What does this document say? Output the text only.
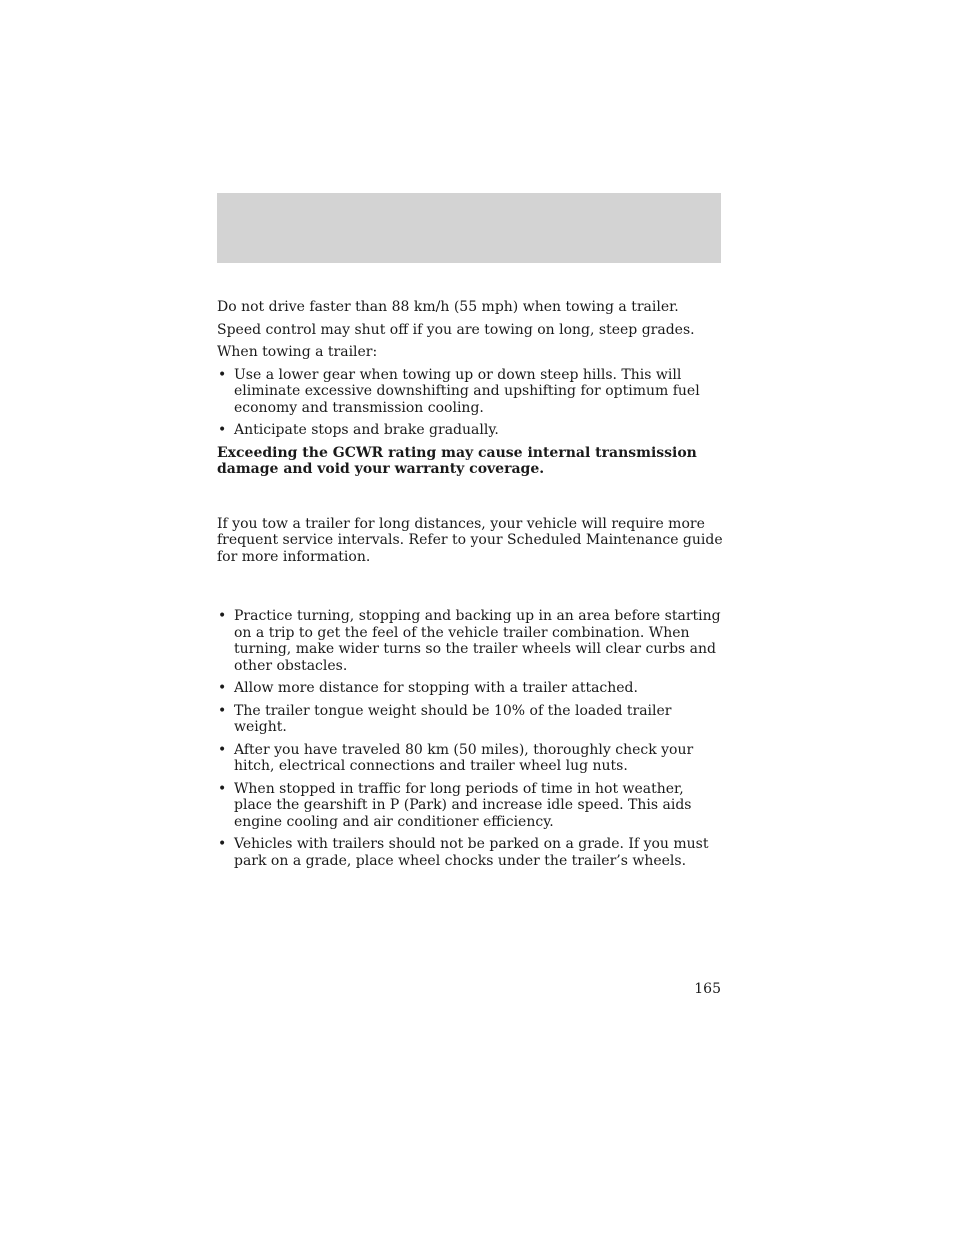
Do not drive faster than 88 km/h (55 mph) when towing a trailer.

Speed control may shut off if you are towing on long, steep grades.

When towing a trailer:

• Use a lower gear when towing up or down steep hills. This will eliminate excessive downshifting and upshifting for optimum fuel economy and transmission cooling.
• Anticipate stops and brake gradually.

Exceeding the GCWR rating may cause internal transmission damage and void your warranty coverage.

If you tow a trailer for long distances, your vehicle will require more frequent service intervals. Refer to your Scheduled Maintenance guide for more information.

• Practice turning, stopping and backing up in an area before starting on a trip to get the feel of the vehicle trailer combination. When turning, make wider turns so the trailer wheels will clear curbs and other obstacles.
• Allow more distance for stopping with a trailer attached.
• The trailer tongue weight should be 10% of the loaded trailer weight.
• After you have traveled 80 km (50 miles), thoroughly check your hitch, electrical connections and trailer wheel lug nuts.
• When stopped in traffic for long periods of time in hot weather, place the gearshift in P (Park) and increase idle speed. This aids engine cooling and air conditioner efficiency.
• Vehicles with trailers should not be parked on a grade. If you must park on a grade, place wheel chocks under the trailer’s wheels.
165
